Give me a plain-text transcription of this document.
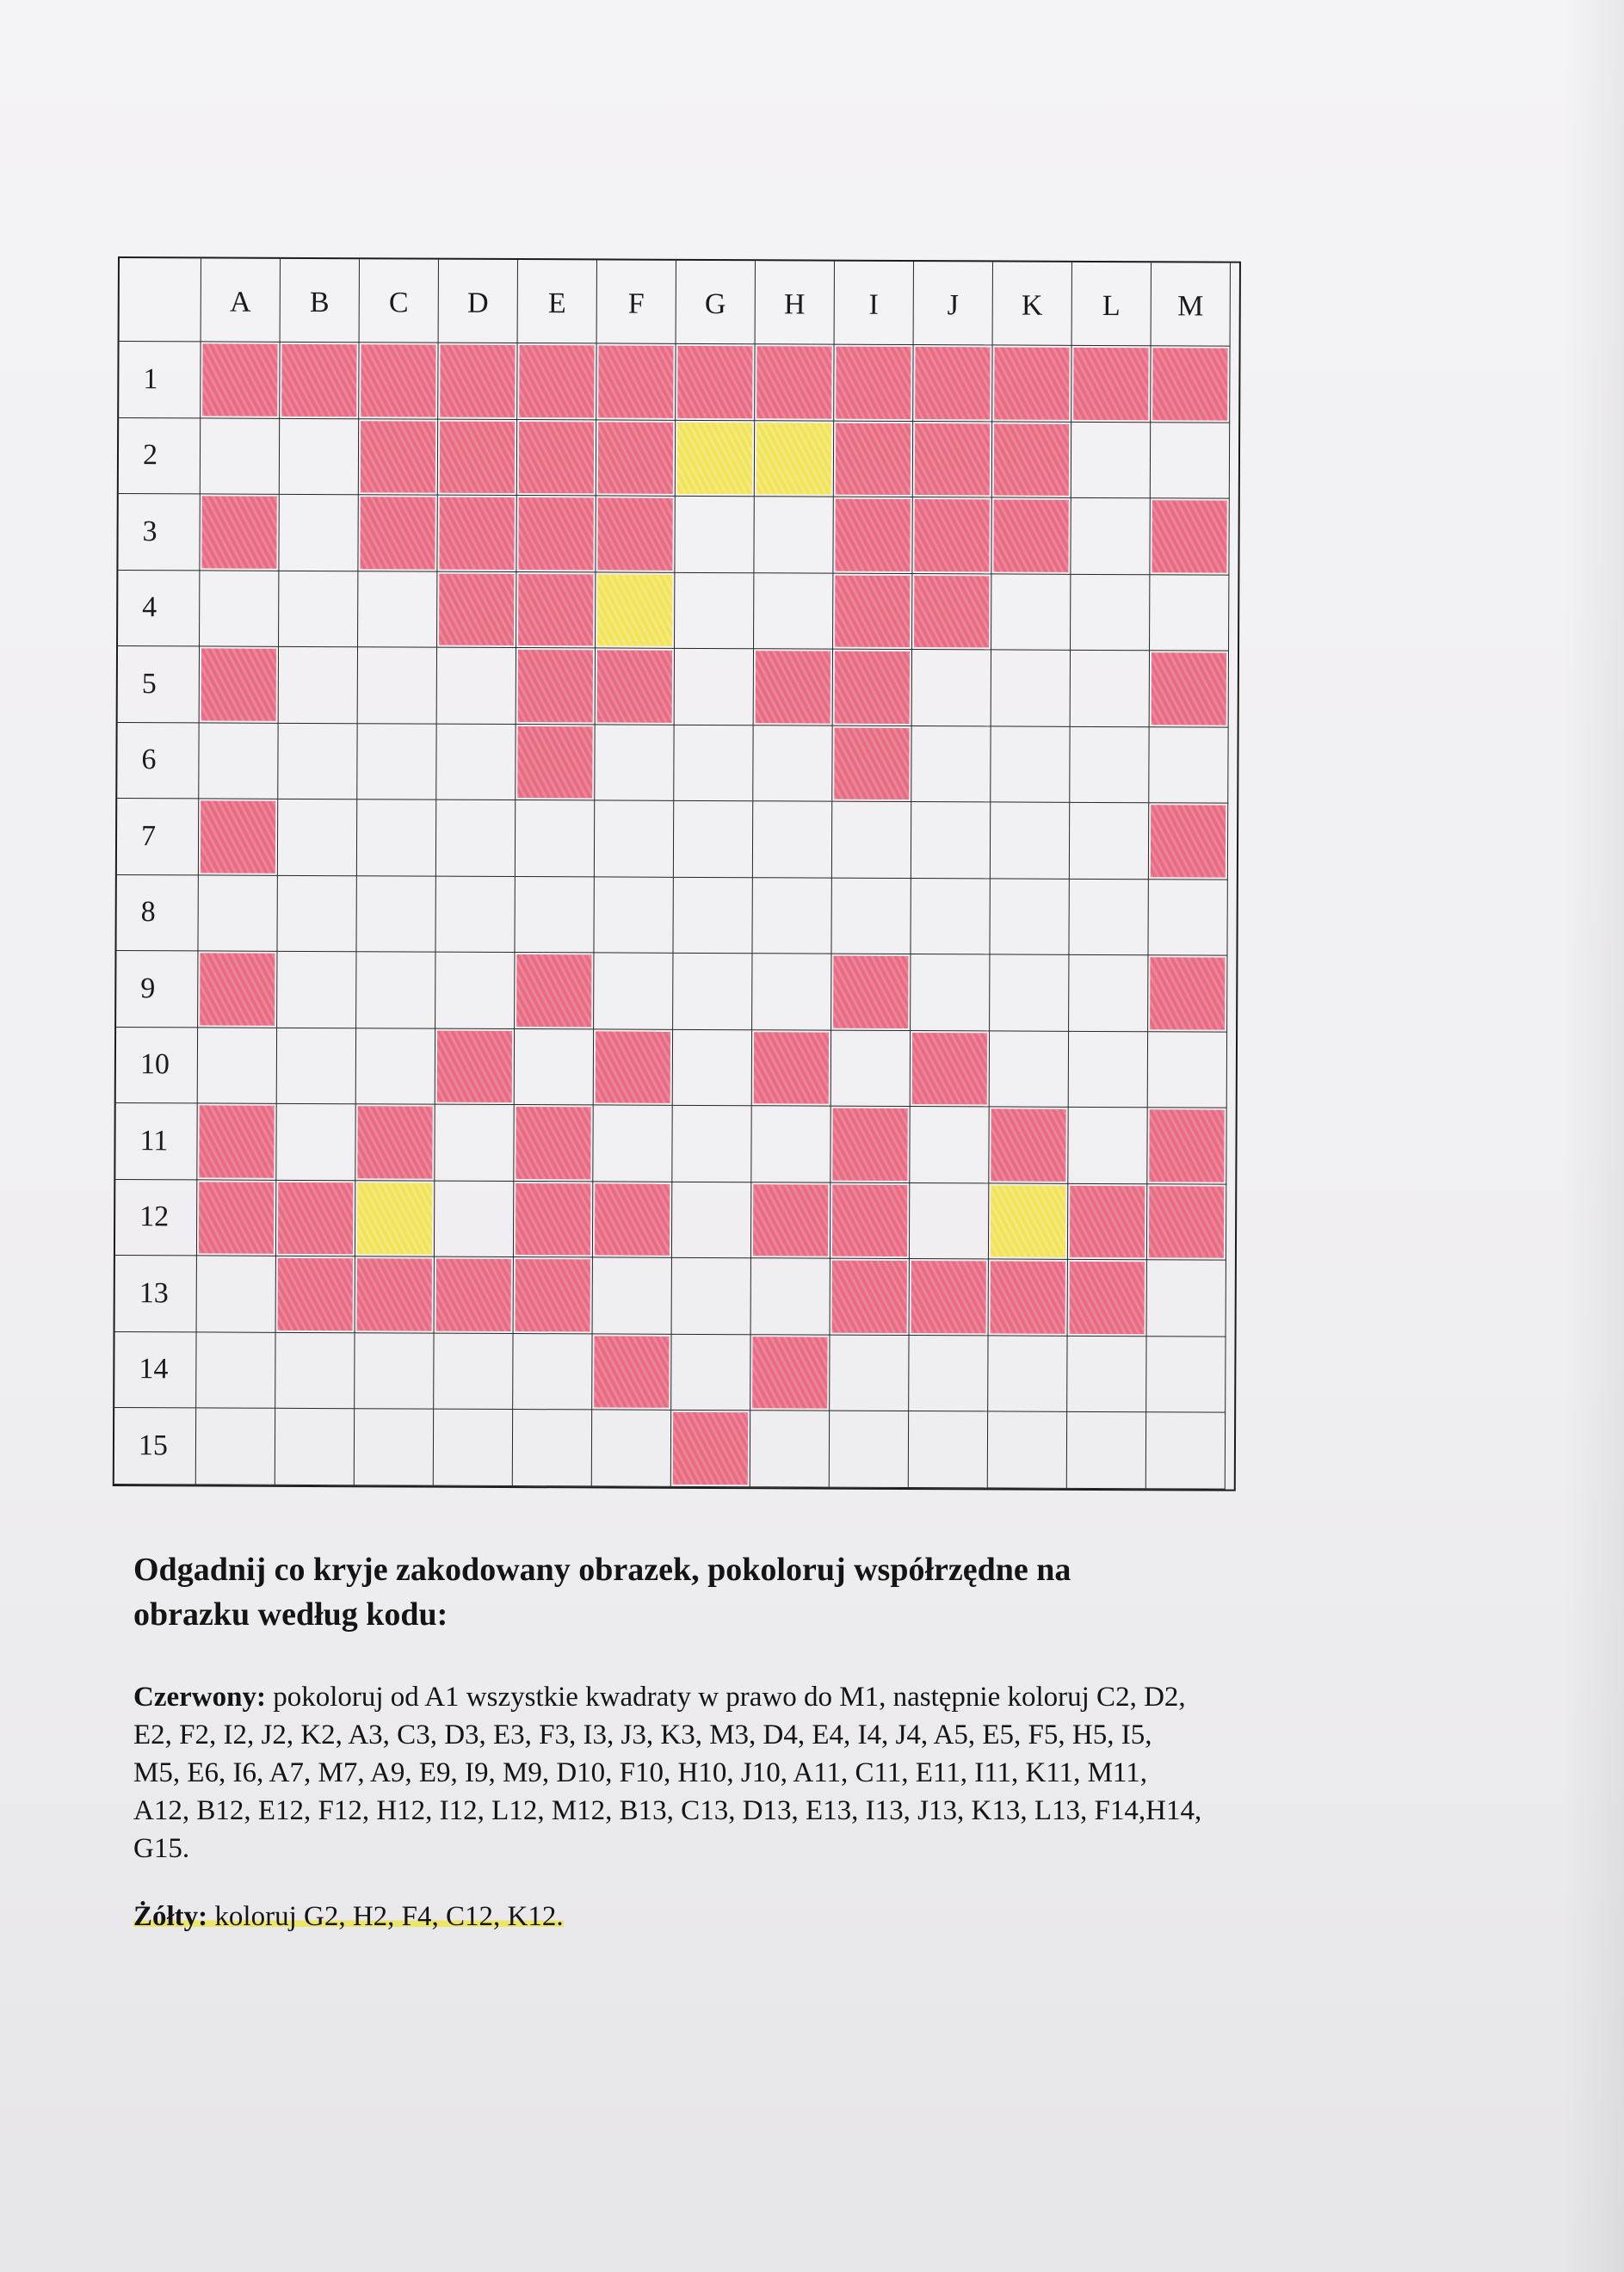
A	B	C	D	E	F	G	H	I	J	K	L	M
1
2
3
4
5
6
7
8
9
10
11
12
13
14
15
Odgadnij co kryje zakodowany obrazek, pokoloruj współrzędne na
obrazku według kodu:
Czerwony: pokoloruj od A1 wszystkie kwadraty w prawo do M1, następnie koloruj C2, D2,
E2, F2, I2, J2, K2, A3, C3, D3, E3, F3, I3, J3, K3, M3, D4, E4, I4, J4, A5, E5, F5, H5, I5,
M5, E6, I6, A7, M7, A9, E9, I9, M9, D10, F10, H10, J10, A11, C11, E11, I11, K11, M11,
A12, B12, E12, F12, H12, I12, L12, M12, B13, C13, D13, E13, I13, J13, K13, L13, F14,H14,
G15.
Żółty: koloruj G2, H2, F4, C12, K12.
